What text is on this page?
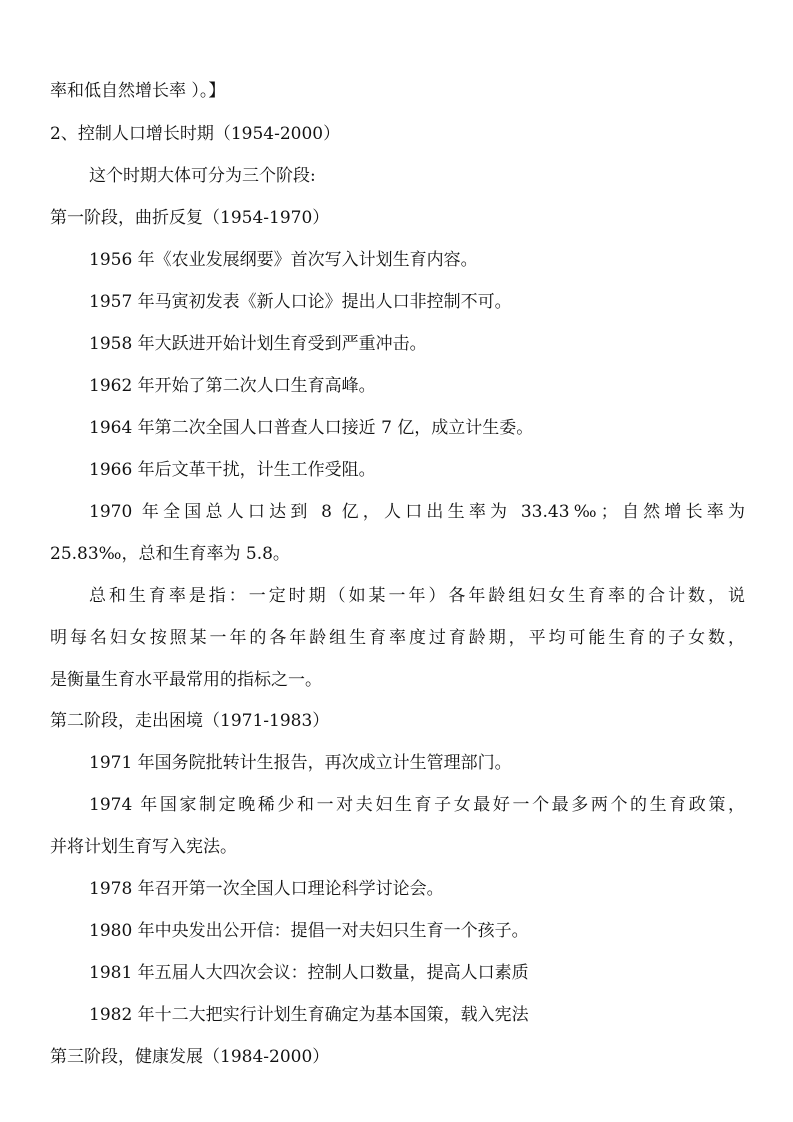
率和低自然增长率 ）。】
2、控制人口增长时期（1954-2000）
这个时期大体可分为三个阶段:
第一阶段，曲折反复（1954-1970）
1956 年《农业发展纲要》首次写入计划生育内容。
1957 年马寅初发表《新人口论》提出人口非控制不可。
1958 年大跃进开始计划生育受到严重冲击。
1962 年开始了第二次人口生育高峰。
1964 年第二次全国人口普查人口接近 7 亿，成立计生委。
1966 年后文革干扰，计生工作受阻。
1970 年全国总人口达到 8 亿，人口出生率为 33.43‰；自然增长率为
25.83‰，总和生育率为 5.8。
总和生育率是指：一定时期（如某一年）各年龄组妇女生育率的合计数，说
明每名妇女按照某一年的各年龄组生育率度过育龄期，平均可能生育的子女数，
是衡量生育水平最常用的指标之一。
第二阶段，走出困境（1971-1983）
1971 年国务院批转计生报告，再次成立计生管理部门。
1974 年国家制定晚稀少和一对夫妇生育子女最好一个最多两个的生育政策，
并将计划生育写入宪法。
1978 年召开第一次全国人口理论科学讨论会。
1980 年中央发出公开信：提倡一对夫妇只生育一个孩子。
1981 年五届人大四次会议：控制人口数量，提高人口素质
1982 年十二大把实行计划生育确定为基本国策，载入宪法
第三阶段，健康发展（1984-2000）
